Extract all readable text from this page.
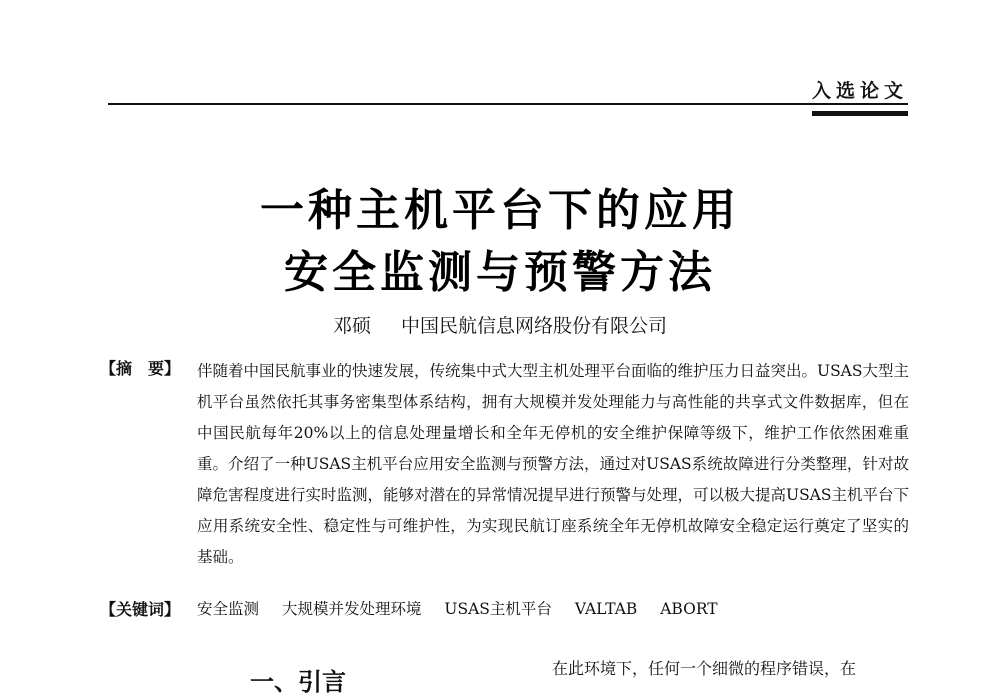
入选论文
一种主机平台下的应用
安全监测与预警方法
邓硕 中国民航信息网络股份有限公司
【摘　要】 伴随着中国民航事业的快速发展，传统集中式大型主机处理平台面临的维护压力日益突出。USAS大型主机平台虽然依托其事务密集型体系结构，拥有大规模并发处理能力与高性能的共享式文件数据库，但在中国民航每年20%以上的信息处理量增长和全年无停机的安全维护保障等级下，维护工作依然困难重重。介绍了一种USAS主机平台应用安全监测与预警方法，通过对USAS系统故障进行分类整理，针对故障危害程度进行实时监测，能够对潜在的异常情况提早进行预警与处理，可以极大提高USAS主机平台下应用系统安全性、稳定性与可维护性，为实现民航订座系统全年无停机故障安全稳定运行奠定了坚实的基础。
【关键词】 安全监测 大规模并发处理环境 USAS主机平台 VALTAB ABORT
一、引言	在此环境下，任何一个细微的程序错误，在
